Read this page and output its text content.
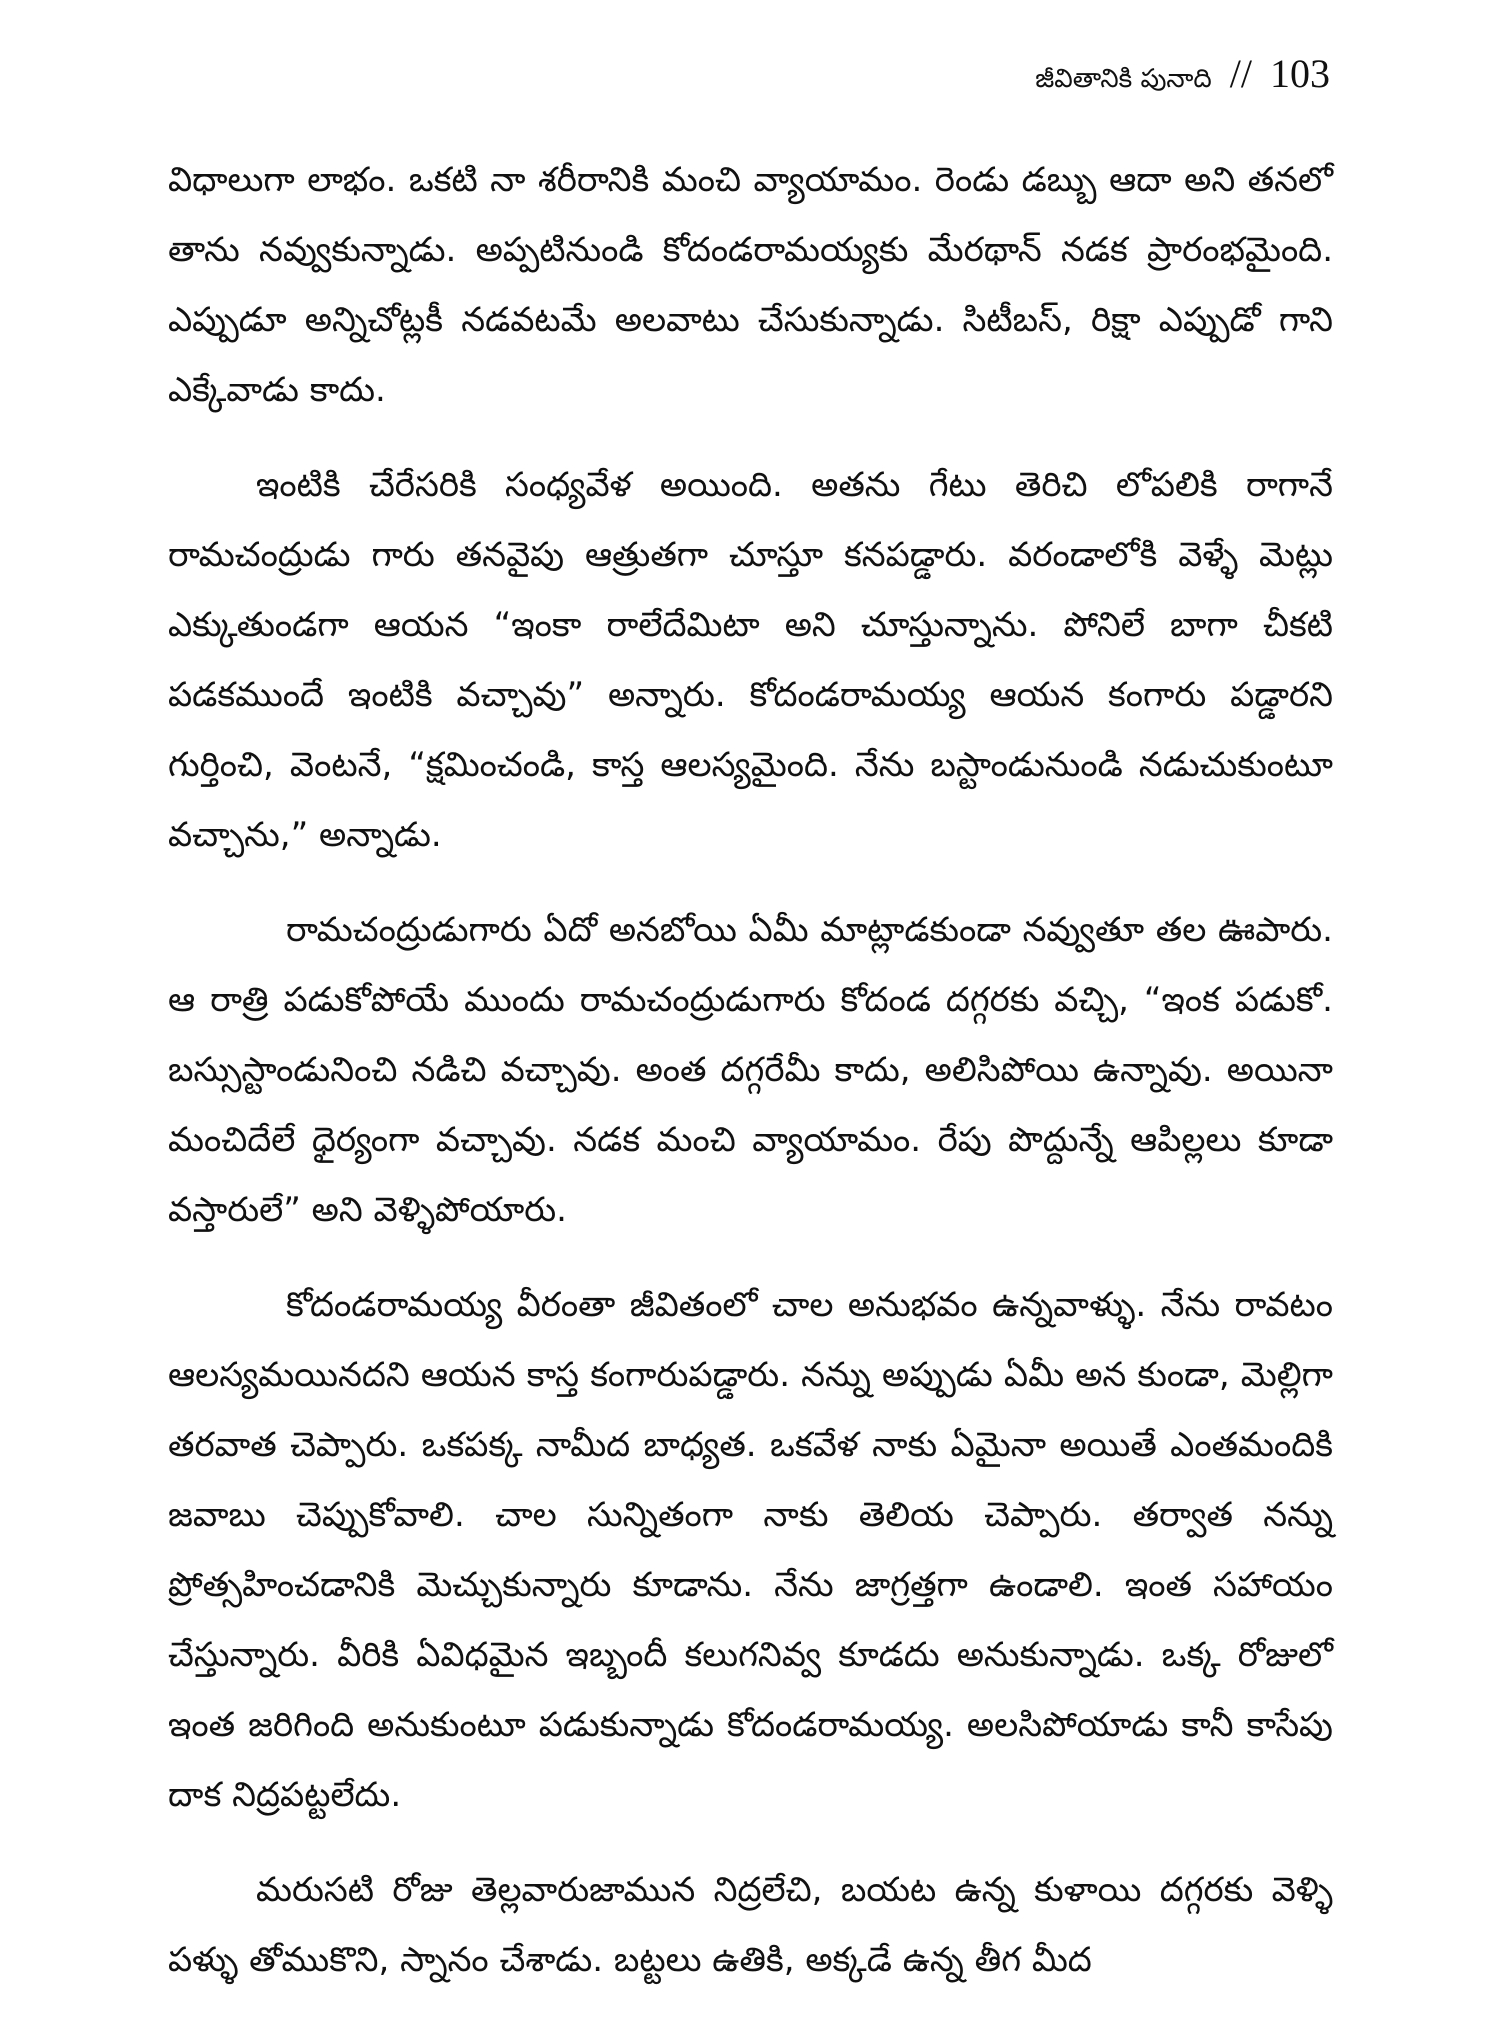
జీవితానికి పునాది // 103

విధాలుగా లాభం. ఒకటి నా శరీరానికి మంచి వ్యాయామం. రెండు డబ్బు ఆదా అని తనలో తాను నవ్వుకున్నాడు. అప్పటినుండి కోదండరామయ్యకు మేరథాన్ నడక ప్రారంభమైంది. ఎప్పుడూ అన్నిచోట్లకీ నడవటమే అలవాటు చేసుకున్నాడు. సిటీబస్, రిక్షా ఎప్పుడో గాని ఎక్కేవాడు కాదు.

ఇంటికి చేరేసరికి సంధ్యవేళ అయింది. అతను గేటు తెరిచి లోపలికి రాగానే రామచంద్రుడు గారు తనవైపు ఆత్రుతగా చూస్తూ కనపడ్డారు. వరండాలోకి వెళ్ళే మెట్లు ఎక్కుతుండగా ఆయన “ఇంకా రాలేదేమిటా అని చూస్తున్నాను. పోనిలే బాగా చీకటి పడకముందే ఇంటికి వచ్చావు” అన్నారు. కోదండరామయ్య ఆయన కంగారు పడ్డారని గుర్తించి, వెంటనే, “క్షమించండి, కాస్త ఆలస్యమైంది. నేను బస్టాండునుండి నడుచుకుంటూ వచ్చాను,” అన్నాడు.

రామచంద్రుడుగారు ఏదో అనబోయి ఏమీ మాట్లాడకుండా నవ్వుతూ తల ఊపారు. ఆ రాత్రి పడుకోపోయే ముందు రామచంద్రుడుగారు కోదండ దగ్గరకు వచ్చి, “ఇంక పడుకో. బస్సుస్టాండునించి నడిచి వచ్చావు. అంత దగ్గరేమీ కాదు, అలిసిపోయి ఉన్నావు. అయినా మంచిదేలే ధైర్యంగా వచ్చావు. నడక మంచి వ్యాయామం. రేపు పొద్దున్నే ఆపిల్లలు కూడా వస్తారులే” అని వెళ్ళిపోయారు.

కోదండరామయ్య వీరంతా జీవితంలో చాల అనుభవం ఉన్నవాళ్ళు. నేను రావటం ఆలస్యమయినదని ఆయన కాస్త కంగారుపడ్డారు. నన్ను అప్పుడు ఏమీ అన కుండా, మెల్లిగా తరవాత చెప్పారు. ఒకపక్క నామీద బాధ్యత. ఒకవేళ నాకు ఏమైనా అయితే ఎంతమందికి జవాబు చెప్పుకోవాలి. చాల సున్నితంగా నాకు తెలియ చెప్పారు. తర్వాత నన్ను ప్రోత్సహించడానికి మెచ్చుకున్నారు కూడాను. నేను జాగ్రత్తగా ఉండాలి. ఇంత సహాయం చేస్తున్నారు. వీరికి ఏవిధమైన ఇబ్బందీ కలుగనివ్వ కూడదు అనుకున్నాడు. ఒక్క రోజులో ఇంత జరిగింది అనుకుంటూ పడుకున్నాడు కోదండరామయ్య. అలసిపోయాడు కానీ కాసేపు దాక నిద్రపట్టలేదు.

మరుసటి రోజు తెల్లవారుజామున నిద్రలేచి, బయట ఉన్న కుళాయి దగ్గరకు వెళ్ళి పళ్ళు తోముకొని, స్నానం చేశాడు. బట్టలు ఉతికి, అక్కడే ఉన్న తీగ మీద
